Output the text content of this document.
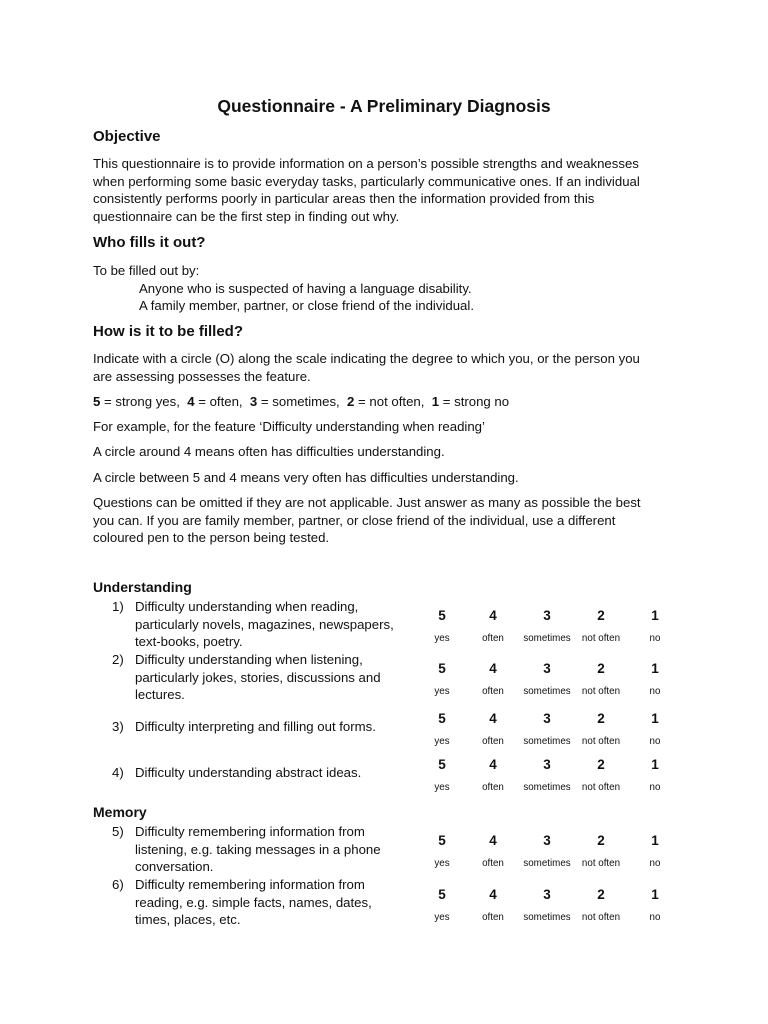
Questionnaire - A Preliminary Diagnosis
Objective
This questionnaire is to provide information on a person’s possible strengths and weaknesses
when performing some basic everyday tasks, particularly communicative ones. If an individual
consistently performs poorly in particular areas then the information provided from this
questionnaire can be the first step in finding out why.
Who fills it out?
To be filled out by:
Anyone who is suspected of having a language disability.
A family member, partner, or close friend of the individual.
How is it to be filled?
Indicate with a circle (O) along the scale indicating the degree to which you, or the person you
are assessing possesses the feature.
5 = strong yes,  4 = often,  3 = sometimes,  2 = not often,  1 = strong no
For example, for the feature ‘Difficulty understanding when reading’
A circle around 4 means often has difficulties understanding.
A circle between 5 and 4 means very often has difficulties understanding.
Questions can be omitted if they are not applicable. Just answer as many as possible the best
you can. If you are family member, partner, or close friend of the individual, use a different
coloured pen to the person being tested.
Understanding
1) Difficulty understanding when reading,
particularly novels, magazines, newspapers,
text-books, poetry.
5	4	3	2	1
yes	often	sometimes	not often	no
2) Difficulty understanding when listening,
particularly jokes, stories, discussions and
lectures.
5	4	3	2	1
yes	often	sometimes	not often	no
3) Difficulty interpreting and filling out forms.
5	4	3	2	1
yes	often	sometimes	not often	no
4) Difficulty understanding abstract ideas.
5	4	3	2	1
yes	often	sometimes	not often	no
Memory
5) Difficulty remembering information from
listening, e.g. taking messages in a phone
conversation.
5	4	3	2	1
yes	often	sometimes	not often	no
6) Difficulty remembering information from
reading, e.g. simple facts, names, dates,
times, places, etc.
5	4	3	2	1
yes	often	sometimes	not often	no
